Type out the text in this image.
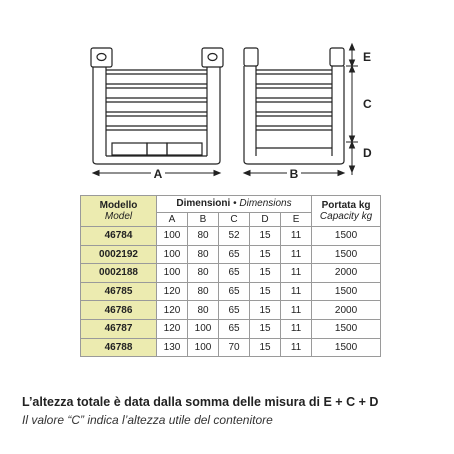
A	B
E
C
D
Modello
Model	Dimensioni • Dimensions					Portata kg
Capacity kg
	A	B	C	D	E	
46784	100	80	52	15	11	1500
0002192	100	80	65	15	11	1500
0002188	100	80	65	15	11	2000
46785	120	80	65	15	11	1500
46786	120	80	65	15	11	2000
46787	120	100	65	15	11	1500
46788	130	100	70	15	11	1500
L’altezza totale è data dalla somma delle misura di E + C + D
Il valore “C” indica l’altezza utile del contenitore
